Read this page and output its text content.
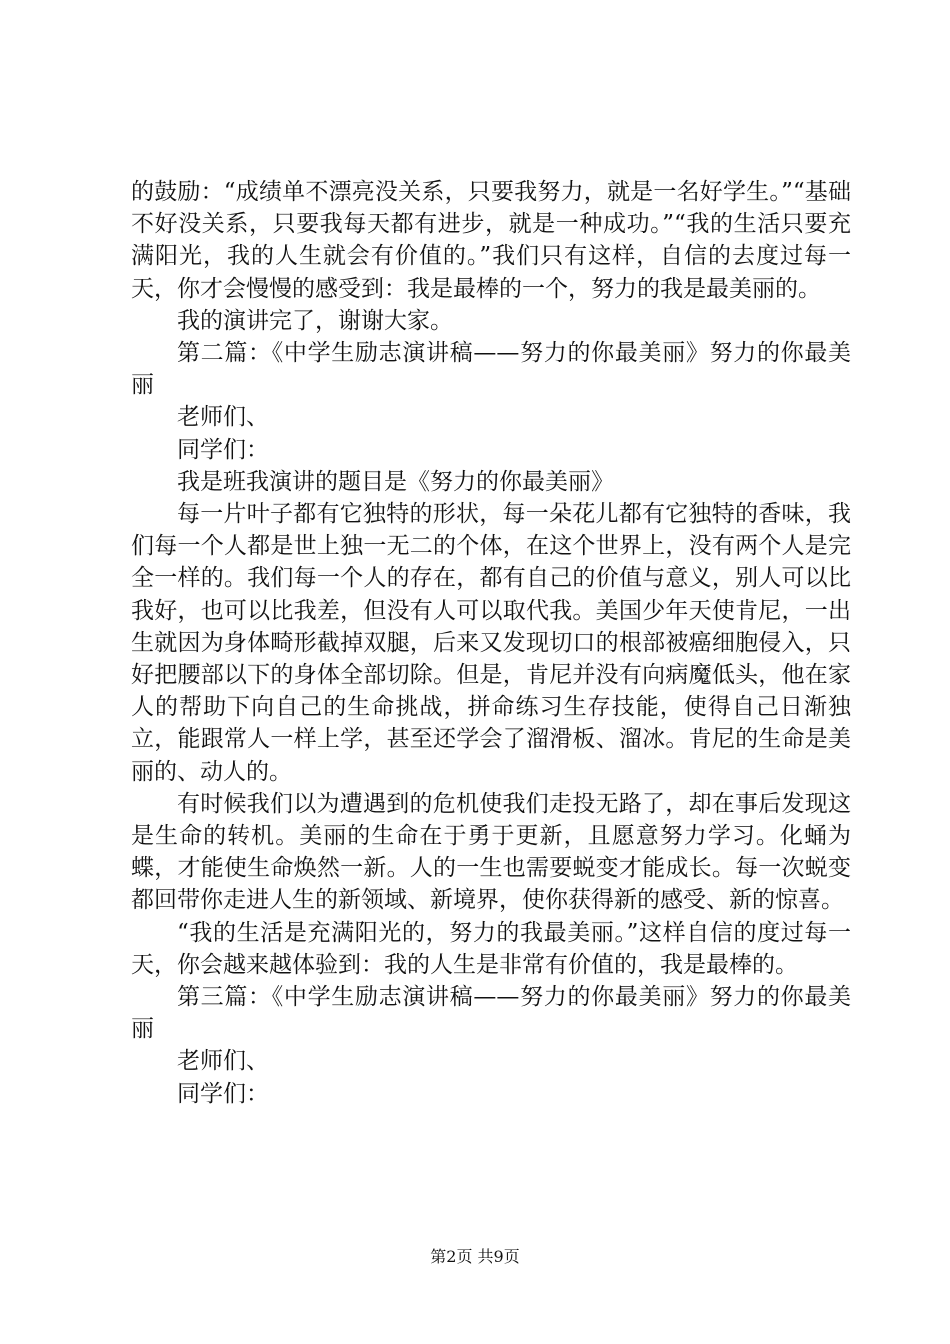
的鼓励：“成绩单不漂亮没关系，只要我努力，就是一名好学生。”“基础不好没关系，只要我每天都有进步，就是一种成功。”“我的生活只要充满阳光，我的人生就会有价值的。”我们只有这样，自信的去度过每一天，你才会慢慢的感受到：我是最棒的一个，努力的我是最美丽的。

我的演讲完了，谢谢大家。

第二篇：《中学生励志演讲稿——努力的你最美丽》努力的你最美丽

老师们、

同学们：

我是班我演讲的题目是《努力的你最美丽》

每一片叶子都有它独特的形状，每一朵花儿都有它独特的香味，我们每一个人都是世上独一无二的个体，在这个世界上，没有两个人是完全一样的。我们每一个人的存在，都有自己的价值与意义，别人可以比我好，也可以比我差，但没有人可以取代我。美国少年天使肯尼，一出生就因为身体畸形截掉双腿，后来又发现切口的根部被癌细胞侵入，只好把腰部以下的身体全部切除。但是，肯尼并没有向病魔低头，他在家人的帮助下向自己的生命挑战，拼命练习生存技能，使得自己日渐独立，能跟常人一样上学，甚至还学会了溜滑板、溜冰。肯尼的生命是美丽的、动人的。

有时候我们以为遭遇到的危机使我们走投无路了，却在事后发现这是生命的转机。美丽的生命在于勇于更新，且愿意努力学习。化蛹为蝶，才能使生命焕然一新。人的一生也需要蜕变才能成长。每一次蜕变都回带你走进人生的新领域、新境界，使你获得新的感受、新的惊喜。

“我的生活是充满阳光的，努力的我最美丽。”这样自信的度过每一天，你会越来越体验到：我的人生是非常有价值的，我是最棒的。

第三篇：《中学生励志演讲稿——努力的你最美丽》努力的你最美丽

老师们、

同学们：

第2页 共9页
